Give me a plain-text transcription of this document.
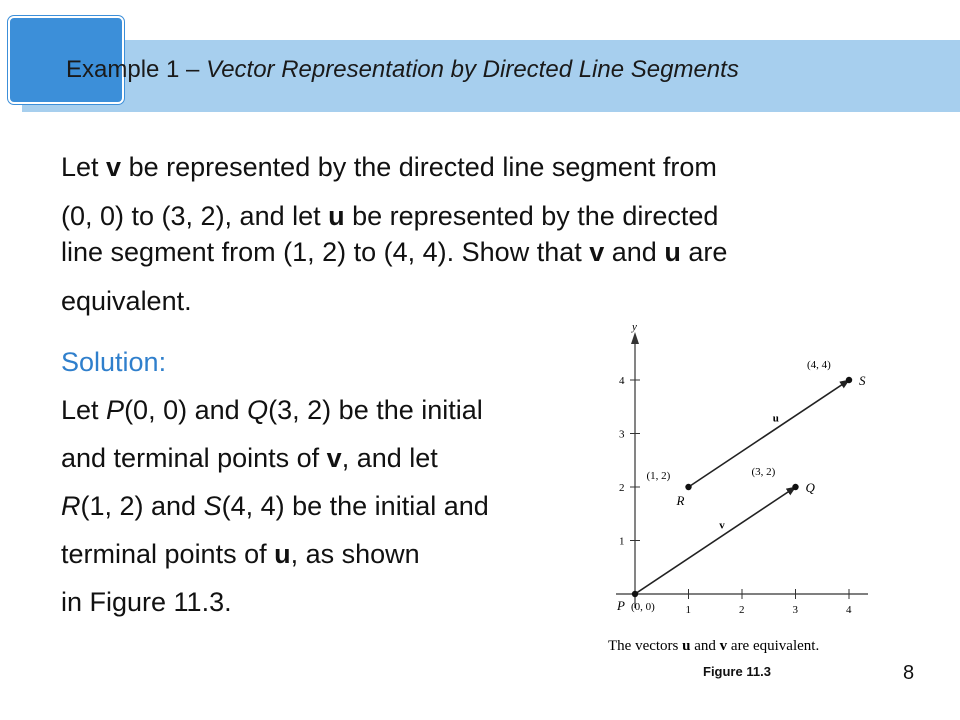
Example 1 – Vector Representation by Directed Line Segments
Let v be represented by the directed line segment from
(0, 0) to (3, 2), and let u be represented by the directed
line segment from (1, 2) to (4, 4). Show that v and u are
equivalent.
Solution:
Let P(0, 0) and Q(3, 2) be the initial
and terminal points of v, and let
R(1, 2) and S(4, 4) be the initial and
terminal points of u, as shown
in Figure 11.3.
y
1
2
3
4
1	2	3	4
v
u
P (0, 0)
Q
(3, 2)
R
(1, 2)
S
(4, 4)
The vectors u and v are equivalent.
Figure 11.3	8
